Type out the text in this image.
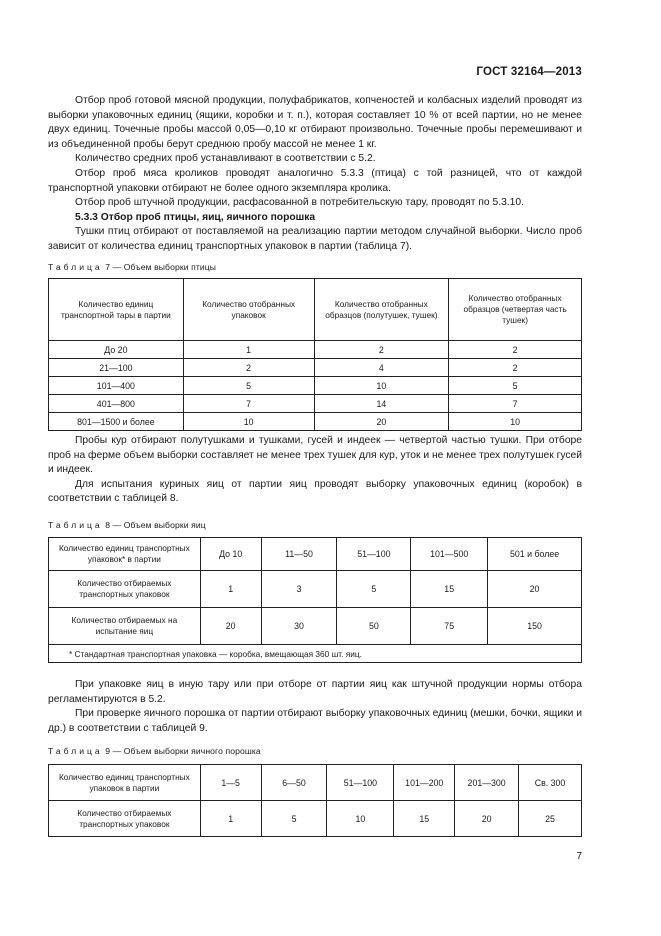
ГОСТ 32164—2013

Отбор проб готовой мясной продукции, полуфабрикатов, копченостей и колбасных изделий проводят из выборки упаковочных единиц (ящики, коробки и т. п.), которая составляет 10 % от всей партии, но не менее двух единиц. Точечные пробы массой 0,05—0,10 кг отбирают произвольно. Точечные пробы перемешивают и из объединенной пробы берут среднюю пробу массой не менее 1 кг.

Количество средних проб устанавливают в соответствии с 5.2.

Отбор проб мяса кроликов проводят аналогично 5.3.3 (птица) с той разницей, что от каждой транспортной упаковки отбирают не более одного экземпляра кролика.

Отбор проб штучной продукции, расфасованной в потребительскую тару, проводят по 5.3.10.

5.3.3 Отбор проб птицы, яиц, яичного порошка

Тушки птиц отбирают от поставляемой на реализацию партии методом случайной выборки. Число проб зависит от количества единиц транспортных упаковок в партии (таблица 7).

Таблица 7 — Объем выборки птицы
Количество единиц транспортной тары в партии	Количество отобранных упаковок	Количество отобранных образцов (полутушек, тушек)	Количество отобранных образцов (четвертая часть тушек)
До 20	1	2	2
21—100	2	4	2
101—400	5	10	5
401—800	7	14	7
801—1500 и более	10	20	10

Пробы кур отбирают полутушками и тушками, гусей и индеек — четвертой частью тушки. При отборе проб на ферме объем выборки составляет не менее трех тушек для кур, уток и не менее трех полутушек гусей и индеек.

Для испытания куриных яиц от партии яиц проводят выборку упаковочных единиц (коробок) в соответствии с таблицей 8.

Таблица 8 — Объем выборки яиц
Количество единиц транспортных упаковок* в партии	До 10	11—50	51—100	101—500	501 и более
Количество отбираемых транспортных упаковок	1	3	5	15	20
Количество отбираемых на испытание яиц	20	30	50	75	150
* Стандартная транспортная упаковка — коробка, вмещающая 360 шт. яиц.					

При упаковке яиц в иную тару или при отборе от партии яиц как штучной продукции нормы отбора регламентируются в 5.2.

При проверке яичного порошка от партии отбирают выборку упаковочных единиц (мешки, бочки, ящики и др.) в соответствии с таблицей 9.

Таблица 9 — Объем выборки яичного порошка
Количество единиц транспортных упаковок в партии	1—5	6—50	51—100	101—200	201—300	Св. 300
Количество отбираемых транспортных упаковок	1	5	10	15	20	25
7
